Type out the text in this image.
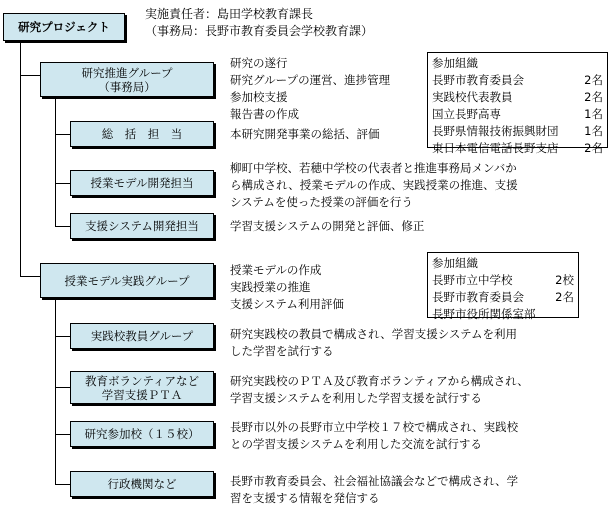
実施責任者：島田学校教育課長
（事務局：長野市教育委員会学校教育課）
研究プロジェクト
研究推進グループ
（事務局）
研究の遂行
研究グループの運営、進捗管理
参加校支援
報告書の作成
参加組織
長野市教育委員会	2名
実践校代表教員	2名
国立長野高専	1名
長野県情報技術振興財団 1名
東日本電信電話長野支店 2名
総　括　担　当	本研究開発事業の総括、評価
授業モデル開発担当
柳町中学校、若穂中学校の代表者と推進事務局メンバか
ら構成され、授業モデルの作成、実践授業の推進、支援
システムを使った授業の評価を行う
支援システム開発担当	学習支援システムの開発と評価、修正
授業モデル実践グループ
授業モデルの作成
実践授業の推進
支援システム利用評価
参加組織
長野市立中学校	2校
長野市教育委員会	2名
長野市役所関係室部
実践校教員グループ	研究実践校の教員で構成され、学習支援システムを利用
した学習を試行する
教育ボランティアなど
学習支援ＰＴＡ
研究実践校のＰＴＡ及び教育ボランティアから構成され、
学習支援システムを利用した学習支援を試行する
研究参加校（１５校）	長野市以外の長野市立中学校１７校で構成され、実践校
との学習支援システムを利用した交流を試行する
行政機関など	長野市教育委員会、社会福祉協議会などで構成され、学
習を支援する情報を発信する
